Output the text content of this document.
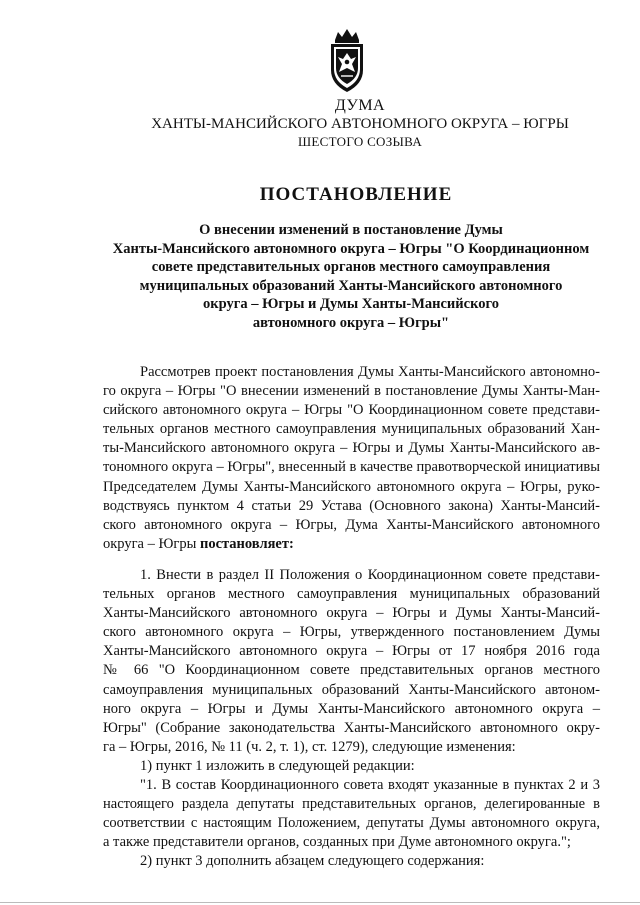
ДУМА
ХАНТЫ-МАНСИЙСКОГО АВТОНОМНОГО ОКРУГА – ЮГРЫ
ШЕСТОГО СОЗЫВА
ПОСТАНОВЛЕНИЕ
О внесении изменений в постановление Думы
Ханты-Мансийского автономного округа – Югры "О Координационном
совете представительных органов местного самоуправления
муниципальных образований Ханты-Мансийского автономного
округа – Югры и Думы Ханты-Мансийского
автономного округа – Югры"
Рассмотрев проект постановления Думы Ханты-Мансийского автономно-
го округа – Югры "О внесении изменений в постановление Думы Ханты-Ман-
сийского автономного округа – Югры "О Координационном совете представи-
тельных органов местного самоуправления муниципальных образований Хан-
ты-Мансийского автономного округа – Югры и Думы Ханты-Мансийского ав-
тономного округа – Югры", внесенный в качестве правотворческой инициативы
Председателем Думы Ханты-Мансийского автономного округа – Югры, руко-
водствуясь пунктом 4 статьи 29 Устава (Основного закона) Ханты-Мансий-
ского автономного округа – Югры, Дума Ханты-Мансийского автономного
округа – Югры постановляет:
1. Внести в раздел II Положения о Координационном совете представи-
тельных органов местного самоуправления муниципальных образований
Ханты-Мансийского автономного округа – Югры и Думы Ханты-Мансий-
ского автономного округа – Югры, утвержденного постановлением Думы
Ханты-Мансийского автономного округа – Югры от 17 ноября 2016 года
№ 66 "О Координационном совете представительных органов местного
самоуправления муниципальных образований Ханты-Мансийского автоном-
ного округа – Югры и Думы Ханты-Мансийского автономного округа –
Югры" (Собрание законодательства Ханты-Мансийского автономного окру-
га – Югры, 2016, № 11 (ч. 2, т. 1), ст. 1279), следующие изменения:
1) пункт 1 изложить в следующей редакции:
"1. В состав Координационного совета входят указанные в пунктах 2 и 3
настоящего раздела депутаты представительных органов, делегированные в
соответствии с настоящим Положением, депутаты Думы автономного округа,
а также представители органов, созданных при Думе автономного округа.";
2) пункт 3 дополнить абзацем следующего содержания:
